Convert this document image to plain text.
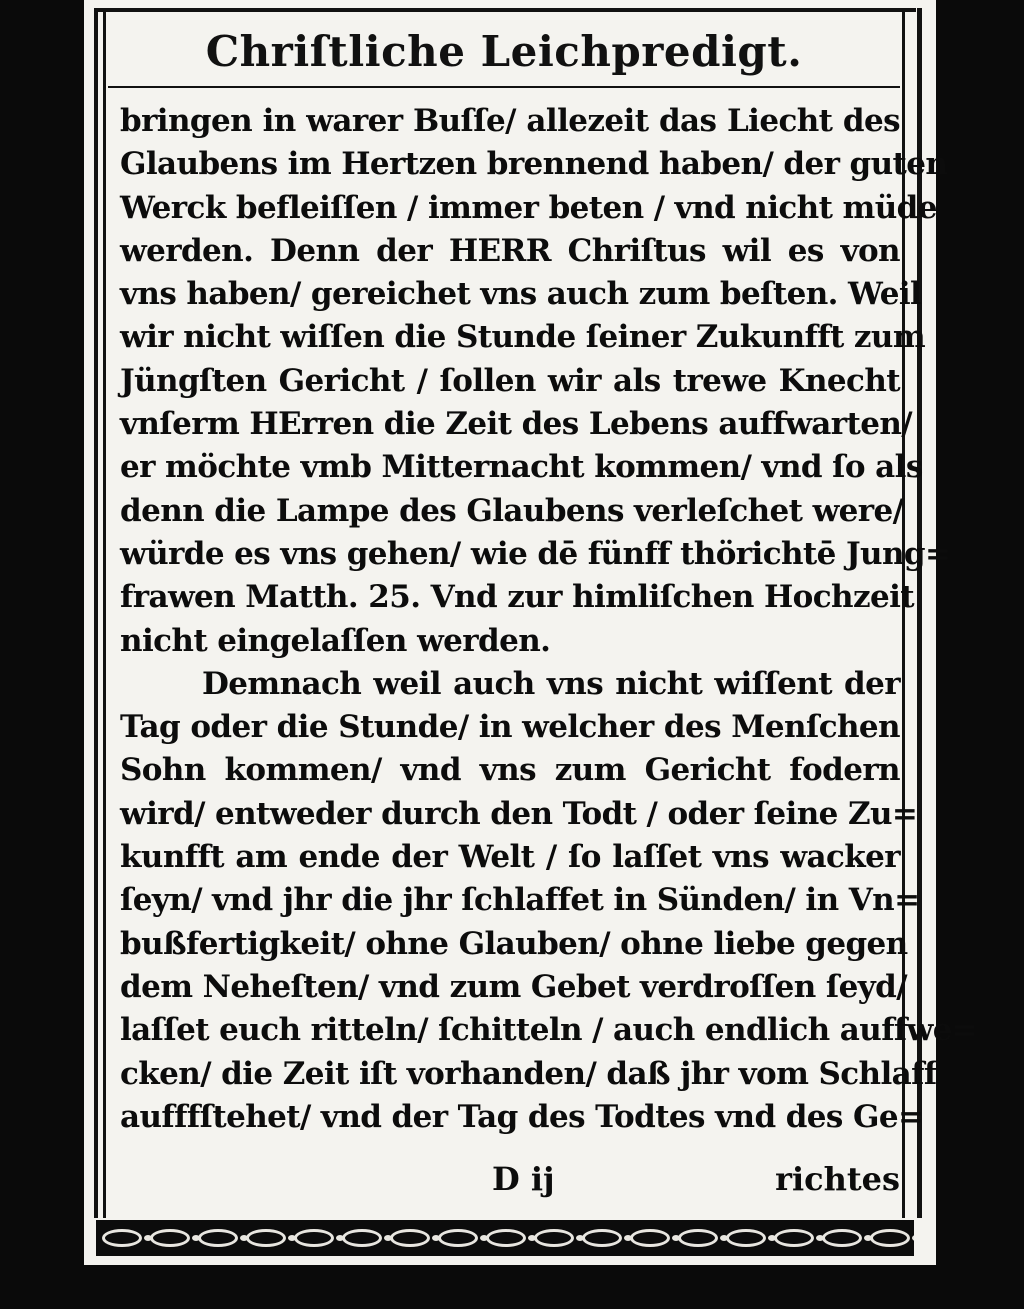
Chriſtliche Leichpredigt.
bringen in warer Buſſe/ allezeit das Liecht des
Glaubens im Hertzen brennend haben/ der guten
Werck befleiſſen / immer beten / vnd nicht müde
werden. Denn der HERR Chriſtus wil es von
vns haben/ gereichet vns auch zum beſten. Weil
wir nicht wiſſen die Stunde ſeiner Zukunfft zum
Jüngſten Gericht / ſollen wir als trewe Knecht
vnſerm HErren die Zeit des Lebens auffwarten/
er möchte vmb Mitternacht kommen/ vnd ſo als
denn die Lampe des Glaubens verleſchet were/
würde es vns gehen/ wie dē fünff thörichtē Jung=
frawen Matth. 25. Vnd zur himliſchen Hochzeit
nicht eingelaſſen werden.
Demnach weil auch vns nicht wiſſent der
Tag oder die Stunde/ in welcher des Menſchen
Sohn kommen/ vnd vns zum Gericht fodern
wird/ entweder durch den Todt / oder ſeine Zu=
kunfft am ende der Welt / ſo laſſet vns wacker
ſeyn/ vnd jhr die jhr ſchlaffet in Sünden/ in Vn=
bußfertigkeit/ ohne Glauben/ ohne liebe gegen
dem Neheſten/ vnd zum Gebet verdroſſen ſeyd/
laſſet euch ritteln/ ſchitteln / auch endlich auffwe=
cken/ die Zeit iſt vorhanden/ daß jhr vom Schlaff
aufffſtehet/ vnd der Tag des Todtes vnd des Ge=
D ij	richtes
